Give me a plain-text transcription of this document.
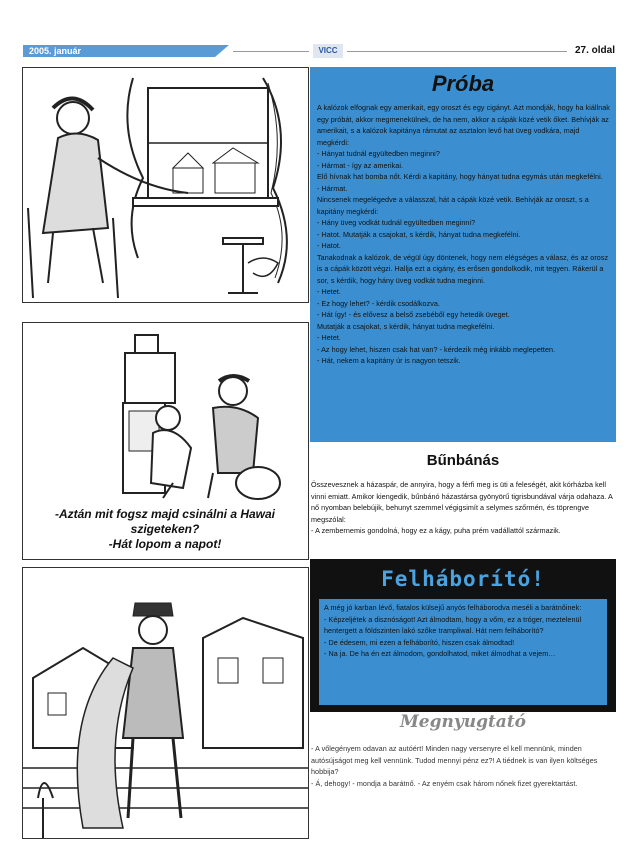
2005. január	VICC	27. oldal
-Aztán mit fogsz majd csinálni a Hawai
szigeteken?
-Hát lopom a napot!
Próba

A kalózok elfognak egy amerikait, egy oroszt és egy cigányt. Azt mondják, hogy ha kiállnak egy próbát, akkor megmenekülnek, de ha nem, akkor a cápák közé vetik őket. Behívják az amerikait, s a kalózok kapitánya rámutat az asztalon levő hat üveg vodkára, majd megkérdi:

- Hányat tudnál együltedben meginni?

- Hármat - így az amerikai.

Elő hívnak hat bomba nőt. Kérdi a kapitány, hogy hányat tudna egymás után megkefélni.

- Hármat.

Nincsenek megelégedve a válasszal, hát a cápák közé vetik. Behívják az oroszt, s a kapitány megkérdi:

- Hány üveg vodkát tudnál együltedben meginni?

- Hatot. Mutatják a csajokat, s kérdik, hányat tudna megkefélni.

- Hatot.

Tanakodnak a kalózok, de végül úgy döntenek, hogy nem elégséges a válasz, és az orosz is a cápák között végzi. Hallja ezt a cigány, és erősen gondolkodik, mit tegyen. Rákerül a sor, s kérdik, hogy hány üveg vodkát tudna meginni.

- Hetet.

- Ez hogy lehet? - kérdik csodálkozva.

- Hát így! - és elővesz a belső zsebéből egy hetedik üveget.

Mutatják a csajokat, s kérdik, hányat tudna megkefélni.

- Hetet.

- Az hogy lehet, hiszen csak hat van? - kérdezik még inkább meglepetten.

- Hát, nekem a kapitány úr is nagyon tetszik.

Bűnbánás

Összevesznek a házaspár, de annyira, hogy a férfi meg is üti a feleségét, akit kórházba kell vinni emiatt. Amikor kiengedik, bűnbánó házastársa gyönyörű tigrisbundával várja odahaza. A nő nyomban belebújik, behunyt szemmel végigsimít a selymes szőrmén, és töprengve megszólal:

- A zembernemis gondolná, hogy ez a kágy, puha prém vadállattól származik.

Felháborító!

A még jó karban lévő, fiatalos külsejű anyós felháborodva meséli a barátnőinek:

- Képzeljétek a disznóságot! Azt álmodtam, hogy a vőm, ez a tróger, meztelenül hentergett a földszinten lakó szőke trampliwal. Hát nem felháborító?

- De édesem, mi ezen a felháborító, hiszen csak álmodtad!

- Na ja. De ha én ezt álmodom, gondolhatod, miket álmodhat a vejem…

Megnyugtató

- A vőlegényem odavan az autóért! Minden nagy versenyre el kell mennünk, minden autósújságot meg kell vennünk. Tudod mennyi pénz ez?! A tiédnek is van ilyen költséges hobbija?

- Á, dehogy! - mondja a barátnő. - Az enyém csak három nőnek fizet gyerektartást.
